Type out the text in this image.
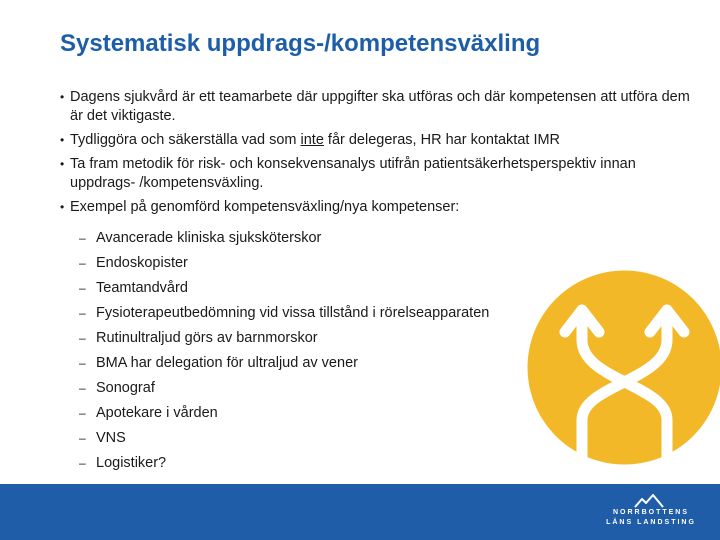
Systematisk uppdrags-/kompetensväxling
• Dagens sjukvård är ett teamarbete där uppgifter ska utföras och där kompetensen att utföra dem är det viktigaste.
• Tydliggöra och säkerställa vad som inte får delegeras, HR har kontaktat IMR
• Ta fram metodik för risk- och konsekvensanalys utifrån patientsäkerhetsperspektiv innan uppdrags- /kompetensväxling.
• Exempel på genomförd kompetensväxling/nya kompetenser:
– Avancerade kliniska sjuksköterskor
– Endoskopister
– Teamtandvård
– Fysioterapeutbedömning vid vissa tillstånd i rörelseapparaten
– Rutinultraljud görs av barnmorskor
– BMA har delegation för ultraljud av vener
– Sonograf
– Apotekare i vården
– VNS
– Logistiker?
NORRBOTTENS
LÄNS LANDSTING
